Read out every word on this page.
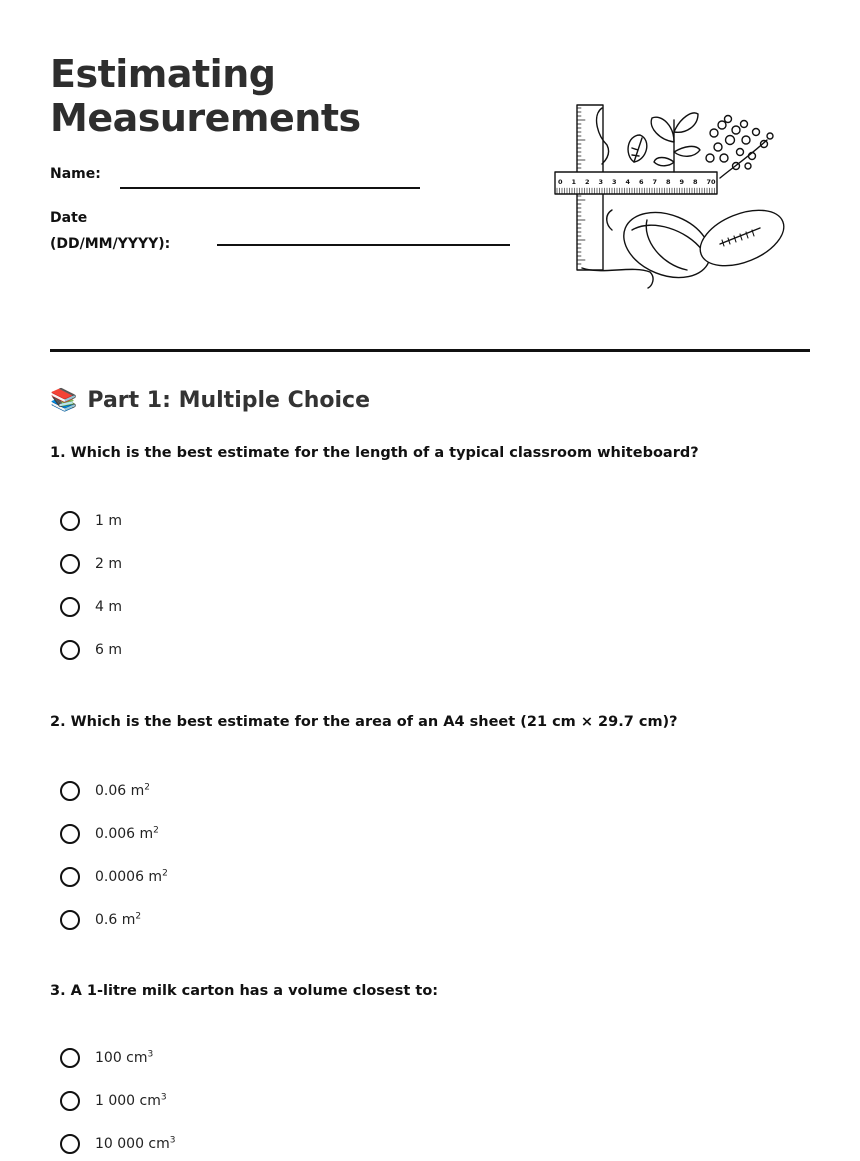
Estimating
Measurements
Name:
Date
(DD/MM/YYYY):
0 1 2 3 3 4 6 7 8 9 8 70
📚 Part 1: Multiple Choice
1. Which is the best estimate for the length of a typical classroom whiteboard?
1 m
2 m
4 m
6 m
2. Which is the best estimate for the area of an A4 sheet (21 cm × 29.7 cm)?
0.06 $m^2$
0.006 $m^2$
0.0006 $m^2$
0.6 $m^2$
3. A 1-litre milk carton has a volume closest to:
100 $cm^3$
1 000 $cm^3$
10 000 $cm^3$
